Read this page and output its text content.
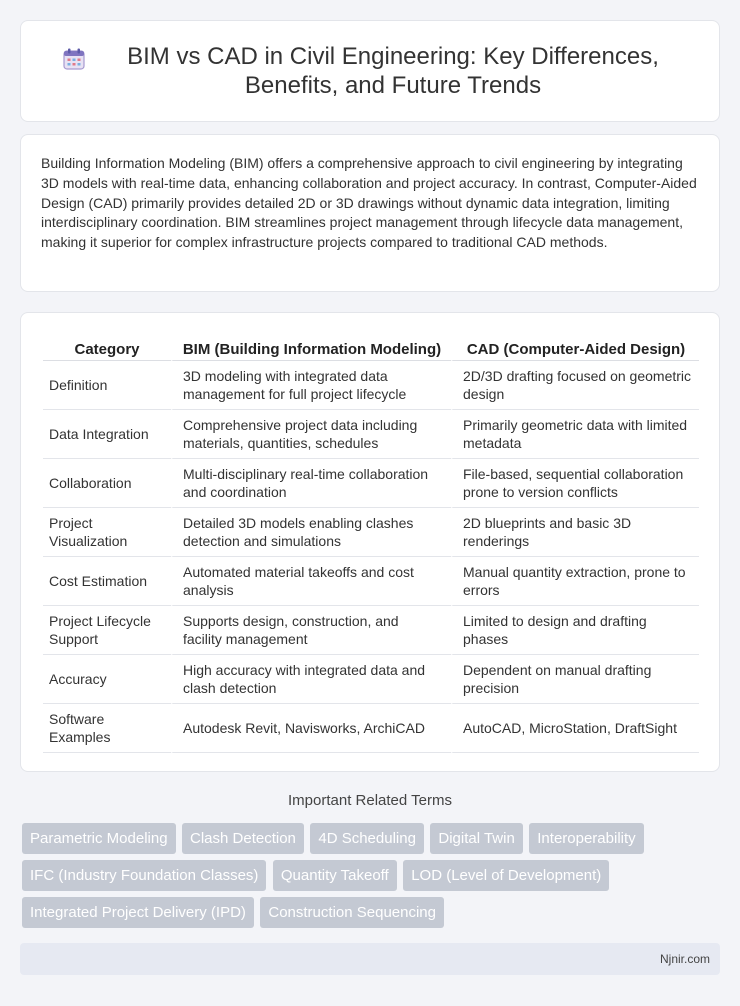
BIM vs CAD in Civil Engineering: Key Differences, Benefits, and Future Trends

Building Information Modeling (BIM) offers a comprehensive approach to civil engineering by integrating 3D models with real-time data, enhancing collaboration and project accuracy. In contrast, Computer-Aided Design (CAD) primarily provides detailed 2D or 3D drawings without dynamic data integration, limiting interdisciplinary coordination. BIM streamlines project management through lifecycle data management, making it superior for complex infrastructure projects compared to traditional CAD methods.

Category	BIM (Building Information Modeling)	CAD (Computer-Aided Design)
Definition	3D modeling with integrated data management for full project lifecycle	2D/3D drafting focused on geometric design
Data Integration	Comprehensive project data including materials, quantities, schedules	Primarily geometric data with limited metadata
Collaboration	Multi-disciplinary real-time collaboration and coordination	File-based, sequential collaboration prone to version conflicts
Project Visualization	Detailed 3D models enabling clashes detection and simulations	2D blueprints and basic 3D renderings
Cost Estimation	Automated material takeoffs and cost analysis	Manual quantity extraction, prone to errors
Project Lifecycle Support	Supports design, construction, and facility management	Limited to design and drafting phases
Accuracy	High accuracy with integrated data and clash detection	Dependent on manual drafting precision
Software Examples	Autodesk Revit, Navisworks, ArchiCAD	AutoCAD, MicroStation, DraftSight
Important Related Terms
Parametric Modeling Clash Detection 4D Scheduling Digital Twin Interoperability
IFC (Industry Foundation Classes) Quantity Takeoff LOD (Level of Development)
Integrated Project Delivery (IPD) Construction Sequencing
Njnir.com
